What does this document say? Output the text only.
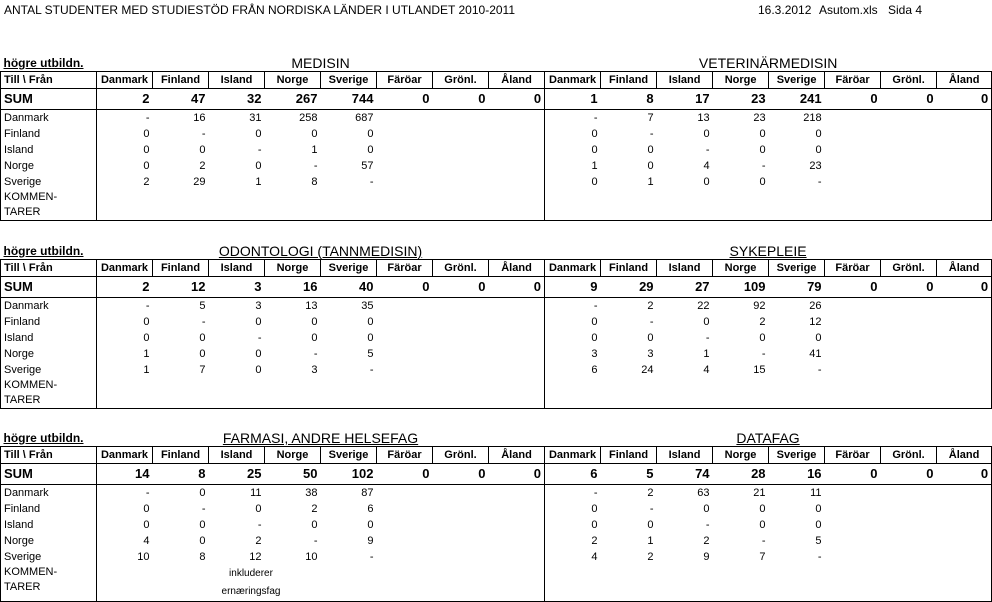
ANTAL STUDENTER MED STUDIESTÖD FRÅN NORDISKA LÄNDER I UTLANDET 2010-2011	16.3.2012 Asutom.xls Sida 4
högre utbildn.	MEDISIN								VETERINÄRMEDISIN							
Till \ Från	Danmark	Finland	Island	Norge	Sverige	Färöar	Grönl.	Åland	Danmark	Finland	Island	Norge	Sverige	Färöar	Grönl.	Åland
SUM	2	47	32	267	744	0	0	0	1	8	17	23	241	0	0	0
Danmark	-	16	31	258	687				-	7	13	23	218			
Finland	0	-	0	0	0				0	-	0	0	0			
Island	0	0	-	1	0				0	0	-	0	0			
Norge	0	2	0	-	57				1	0	4	-	23			
Sverige	2	29	1	8	-				0	1	0	0	-			
KOMMEN-TARER																
högre utbildn.	ODONTOLOGI (TANNMEDISIN)								SYKEPLEIE							
Till \ Från	Danmark	Finland	Island	Norge	Sverige	Färöar	Grönl.	Åland	Danmark	Finland	Island	Norge	Sverige	Färöar	Grönl.	Åland
SUM	2	12	3	16	40	0	0	0	9	29	27	109	79	0	0	0
Danmark	-	5	3	13	35				-	2	22	92	26			
Finland	0	-	0	0	0				0	-	0	2	12			
Island	0	0	-	0	0				0	0	-	0	0			
Norge	1	0	0	-	5				3	3	1	-	41			
Sverige	1	7	0	3	-				6	24	4	15	-			
KOMMEN-TARER																
högre utbildn.	FARMASI, ANDRE HELSEFAG								DATAFAG							
Till \ Från	Danmark	Finland	Island	Norge	Sverige	Färöar	Grönl.	Åland	Danmark	Finland	Island	Norge	Sverige	Färöar	Grönl.	Åland
SUM	14	8	25	50	102	0	0	0	6	5	74	28	16	0	0	0
Danmark	-	0	11	38	87				-	2	63	21	11			
Finland	0	-	0	2	6				0	-	0	0	0			
Island	0	0	-	0	0				0	0	-	0	0			
Norge	4	0	2	-	9				2	1	2	-	5			
Sverige	10	8	12	10	-				4	2	9	7	-			
KOMMEN-TARER	inkluderer
ernæringsfag															
